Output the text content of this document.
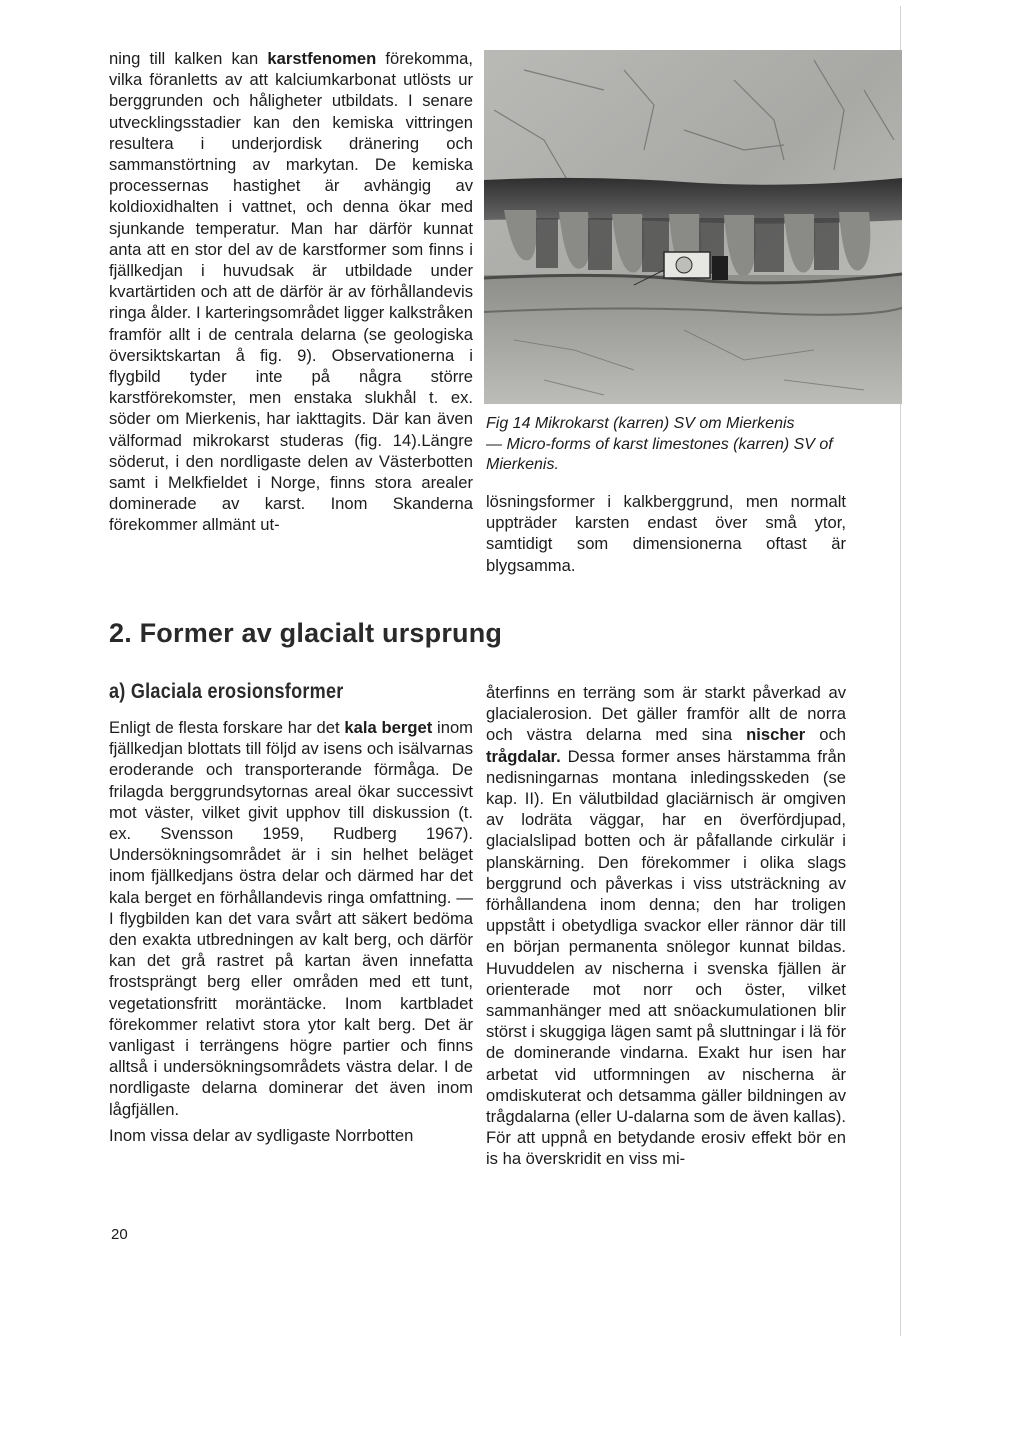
ning till kalken kan karstfenomen förekomma, vilka föranletts av att kalciumkarbonat utlösts ur berggrunden och håligheter utbildats. I senare utvecklingsstadier kan den kemiska vittringen resultera i underjordisk dränering och sammanstörtning av markytan. De kemiska processernas hastighet är avhängig av koldioxidhalten i vattnet, och denna ökar med sjunkande temperatur. Man har därför kunnat anta att en stor del av de karstformer som finns i fjällkedjan i huvudsak är utbildade under kvartärtiden och att de därför är av förhållandevis ringa ålder. I karteringsområdet ligger kalkstråken framför allt i de centrala delarna (se geologiska översiktskartan å fig. 9). Observationerna i flygbild tyder inte på några större karstförekomster, men enstaka slukhål t. ex. söder om Mierkenis, har iakttagits. Där kan även välformad mikrokarst studeras (fig. 14).Längre söderut, i den nordligaste delen av Västerbotten samt i Melkfieldet i Norge, finns stora arealer dominerade av karst. Inom Skanderna förekommer allmänt ut-

Fig 14 Mikrokarst (karren) SV om Mierkenis

— Micro-forms of karst limestones (karren) SV of Mierkenis.

lösningsformer i kalkberggrund, men normalt uppträder karsten endast över små ytor, samtidigt som dimensionerna oftast är blygsamma.

2. Former av glacialt ursprung
a) Glaciala erosionsformer

Enligt de flesta forskare har det kala berget inom fjällkedjan blottats till följd av isens och isälvarnas eroderande och transporterande förmåga. De frilagda berggrundsytornas areal ökar successivt mot väster, vilket givit upphov till diskussion (t. ex. Svensson 1959, Rudberg 1967). Undersökningsområdet är i sin helhet beläget inom fjällkedjans östra delar och därmed har det kala berget en förhållandevis ringa omfattning. — I flygbilden kan det vara svårt att säkert bedöma den exakta utbredningen av kalt berg, och därför kan det grå rastret på kartan även innefatta frostsprängt berg eller områden med ett tunt, vegetationsfritt moräntäcke. Inom kartbladet förekommer relativt stora ytor kalt berg. Det är vanligast i terrängens högre partier och finns alltså i undersökningsområdets västra delar. I de nordligaste delarna dominerar det även inom lågfjällen.

Inom vissa delar av sydligaste Norrbotten

återfinns en terräng som är starkt påverkad av glacialerosion. Det gäller framför allt de norra och västra delarna med sina nischer och trågdalar. Dessa former anses härstamma från nedisningarnas montana inledingsskeden (se kap. II). En välutbildad glaciärnisch är omgiven av lodräta väggar, har en överfördjupad, glacialslipad botten och är påfallande cirkulär i planskärning. Den förekommer i olika slags berggrund och påverkas i viss utsträckning av förhållandena inom denna; den har troligen uppstått i obetydliga svackor eller rännor där till en början permanenta snölegor kunnat bildas. Huvuddelen av nischerna i svenska fjällen är orienterade mot norr och öster, vilket sammanhänger med att snöackumulationen blir störst i skuggiga lägen samt på sluttningar i lä för de dominerande vindarna. Exakt hur isen har arbetat vid utformningen av nischerna är omdiskuterat och detsamma gäller bildningen av trågdalarna (eller U-dalarna som de även kallas). För att uppnå en betydande erosiv effekt bör en is ha överskridit en viss mi-

20
